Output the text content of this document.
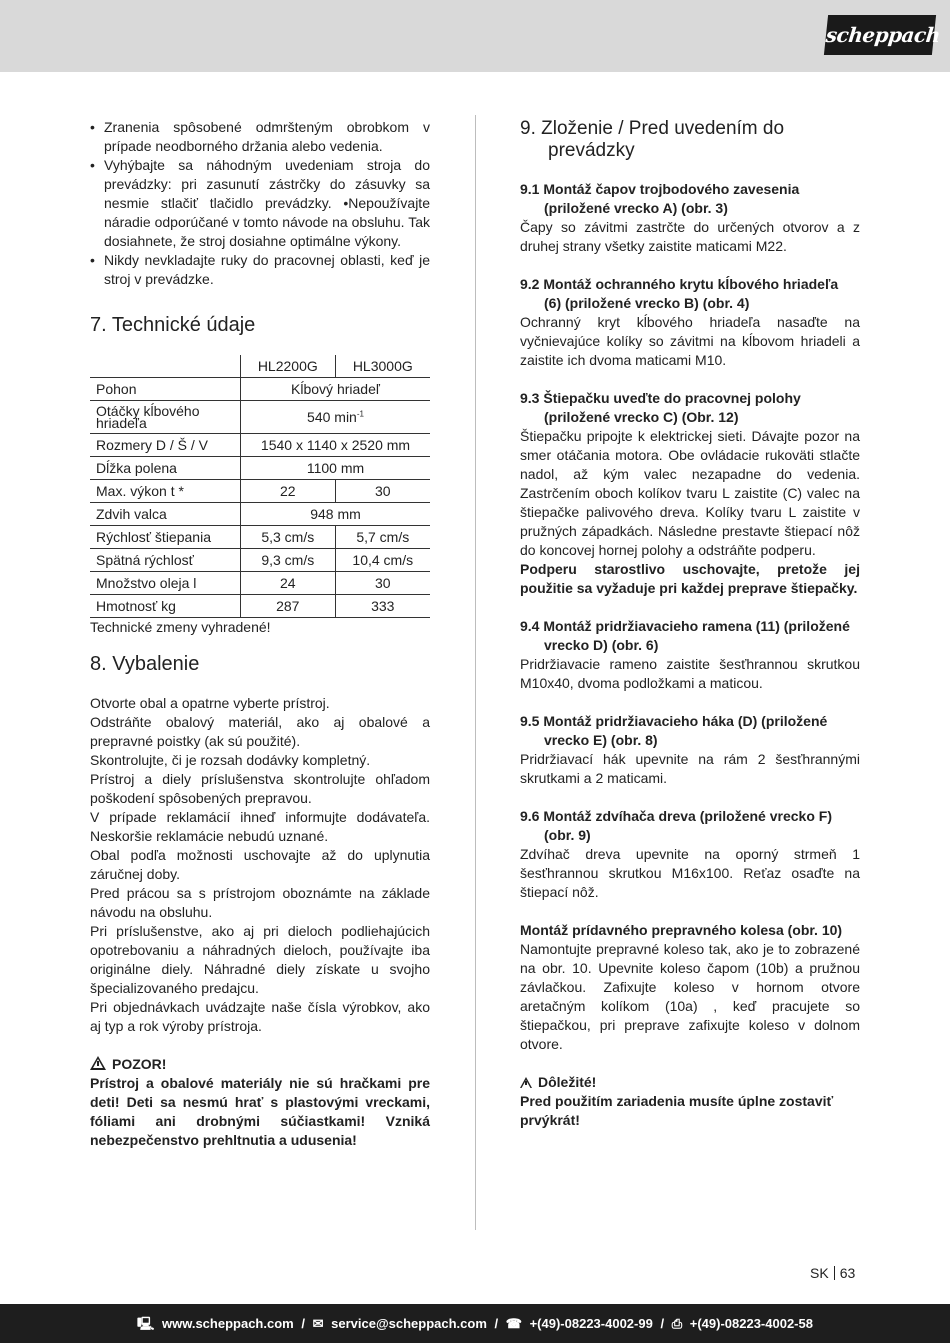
scheppach
• Zranenia spôsobené odmršteným obrobkom v prípade neodborného držania alebo vedenia.
• Vyhýbajte sa náhodným uvedeniam stroja do prevádzky: pri zasunutí zástrčky do zásuvky sa nesmie stlačiť tlačidlo prevádzky. •Nepoužívajte náradie odporúčané v tomto návode na obsluhu. Tak dosiahnete, že stroj dosiahne optimálne výkony.
• Nikdy nevkladajte ruky do pracovnej oblasti, keď je stroj v prevádzke.
7. Technické údaje
	HL2200G	HL3000G
Pohon	Kĺbový hriadeľ	
Otáčky kĺbového hriadeľa	540 $\min^{-1}$
Rozmery D / Š / V	1540 x 1140 x 2520 mm	
Dĺžka polena	1100 mm	
Max. výkon t *	22	30
Zdvih valca	948 mm	
Rýchlosť štiepania	5,3 cm/s	5,7 cm/s
Spätná rýchlosť	9,3 cm/s	10,4 cm/s
Množstvo oleja l	24	30
Hmotnosť kg	287	333

Technické zmeny vyhradené!

8. Vybalenie

Otvorte obal a opatrne vyberte prístroj.

Odstráňte obalový materiál, ako aj obalové a prepravné poistky (ak sú použité).

Skontrolujte, či je rozsah dodávky kompletný.

Prístroj a diely príslušenstva skontrolujte ohľadom poškodení spôsobených prepravou.

V prípade reklamácií ihneď informujte dodávateľa. Neskoršie reklamácie nebudú uznané.

Obal podľa možnosti uschovajte až do uplynutia záručnej doby.

Pred prácou sa s prístrojom oboznámte na základe návodu na obsluhu.

Pri príslušenstve, ako aj pri dieloch podliehajúcich opotrebovaniu a náhradných dieloch, používajte iba originálne diely. Náhradné diely získate u svojho špecializovaného predajcu.

Pri objednávkach uvádzajte naše čísla výrobkov, ako aj typ a rok výroby prístroja.

POZOR!

Prístroj a obalové materiály nie sú hračkami pre deti! Deti sa nesmú hrať s plastovými vreckami, fóliami ani drobnými súčiastkami! Vzniká nebezpečenstvo prehltnutia a udusenia!

9. Zloženie / Pred uvedením do prevádzky
9.1 Montáž čapov trojbodového zavesenia
(priložené vrecko A) (obr. 3)

Čapy so závitmi zastrčte do určených otvorov a z druhej strany všetky zaistite maticami M22.

9.2 Montáž ochranného krytu kĺbového hriadeľa
(6) (priložené vrecko B) (obr. 4)

Ochranný kryt kĺbového hriadeľa nasaďte na vyčnievajúce kolíky so závitmi na kĺbovom hriadeli a zaistite ich dvoma maticami M10.

9.3 Štiepačku uveďte do pracovnej polohy
(priložené vrecko C) (Obr. 12)

Štiepačku pripojte k elektrickej sieti. Dávajte pozor na smer otáčania motora. Obe ovládacie rukoväti stlačte nadol, až kým valec nezapadne do vedenia. Zastrčením oboch kolíkov tvaru L zaistite (C) valec na štiepačke palivového dreva. Kolíky tvaru L zaistite v pružných západkách. Následne prestavte štiepací nôž do koncovej hornej polohy a odstráňte podperu.

Podperu starostlivo uschovajte, pretože jej použitie sa vyžaduje pri každej preprave štiepačky.

9.4 Montáž pridržiavacieho ramena (11) (priložené
vrecko D) (obr. 6)

Pridržiavacie rameno zaistite šesťhrannou skrutkou M10x40, dvoma podložkami a maticou.

9.5 Montáž pridržiavacieho háka (D) (priložené
vrecko E) (obr. 8)

Pridržiavací hák upevnite na rám 2 šesťhrannými skrutkami a 2 maticami.

9.6 Montáž zdvíhača dreva (priložené vrecko F)
(obr. 9)

Zdvíhač dreva upevnite na oporný strmeň 1 šesťhrannou skrutkou M16x100. Reťaz osaďte na štiepací nôž.

Montáž prídavného prepravného kolesa (obr. 10)

Namontujte prepravné koleso tak, ako je to zobrazené na obr. 10. Upevnite koleso čapom (10b) a pružnou závlačkou. Zafixujte koleso v hornom otvore aretačným kolíkom (10a) , keď pracujete so štiepačkou, pri preprave zafixujte koleso v dolnom otvore.

Dôležité!

Pred použitím zariadenia musíte úplne zostaviť prvýkrát!

SK 63
🖳 www.scheppach.com / ✉ service@scheppach.com / ☎ +(49)-08223-4002-99 / ⎙ +(49)-08223-4002-58
